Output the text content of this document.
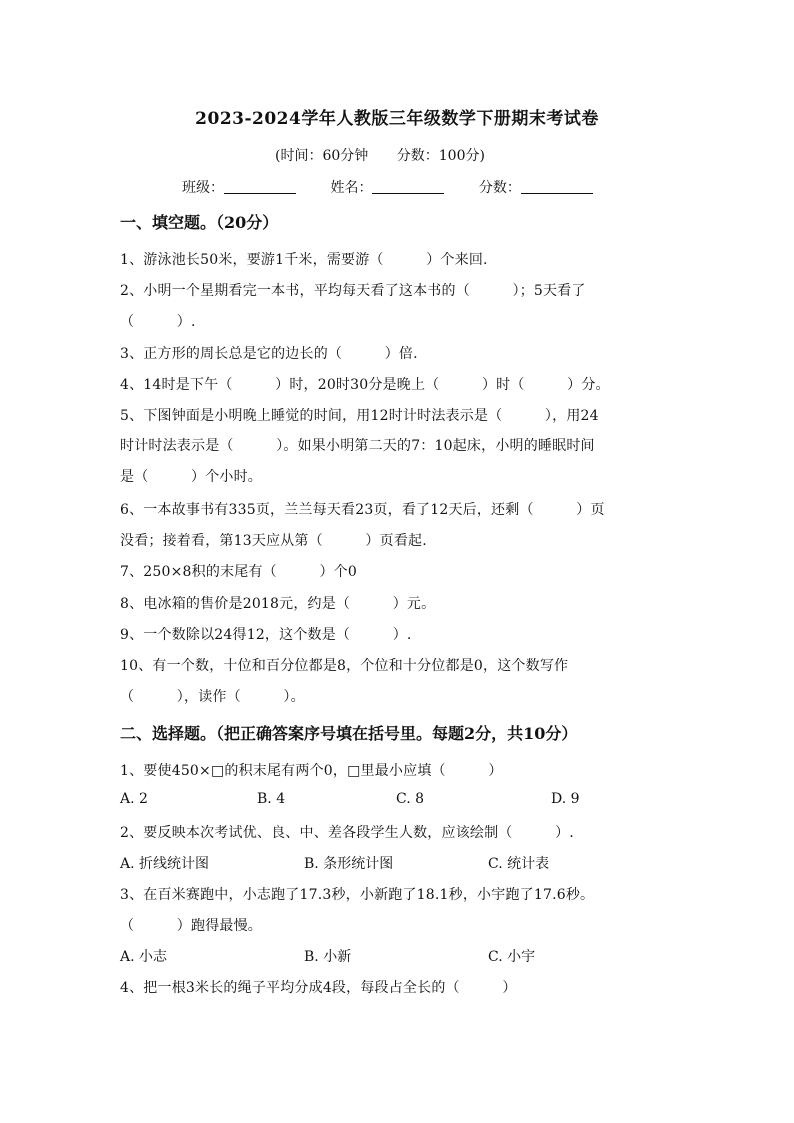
2023-2024学年人教版三年级数学下册期末考试卷
(时间：60分钟 分数：100分)
班级：	姓名：	分数：
一、填空题。（20分）
1、游泳池长50米，要游1千米，需要游（　　　）个来回.
2、小明一个星期看完一本书，平均每天看了这本书的（　　　）；5天看了
（　　　）.
3、正方形的周长总是它的边长的（　　　）倍.
4、14时是下午（　　　）时，20时30分是晚上（　　　）时（　　　）分。
5、下图钟面是小明晚上睡觉的时间，用12时计时法表示是（　　　），用24
时计时法表示是（　　　）。如果小明第二天的7：10起床，小明的睡眠时间
是（　　　）个小时。
6、一本故事书有335页，兰兰每天看23页，看了12天后，还剩（　　　）页
没看；接着看，第13天应从第（　　　）页看起.
7、250×8积的末尾有（　　　）个0
8、电冰箱的售价是2018元，约是（　　　）元。
9、一个数除以24得12，这个数是（　　　）.
10、有一个数，十位和百分位都是8，个位和十分位都是0，这个数写作
（　　　），读作（　　　）。
二、选择题。（把正确答案序号填在括号里。每题2分，共10分）
1、要使450×□的积末尾有两个0，□里最小应填（　　　）
A. 2	B. 4	C. 8	D. 9
2、要反映本次考试优、良、中、差各段学生人数，应该绘制（　　　）.
A. 折线统计图	B. 条形统计图	C. 统计表
3、在百米赛跑中，小志跑了17.3秒，小新跑了18.1秒，小宇跑了17.6秒。
（　　　）跑得最慢。
A. 小志	B. 小新	C. 小宇
4、把一根3米长的绳子平均分成4段，每段占全长的（　　　）
